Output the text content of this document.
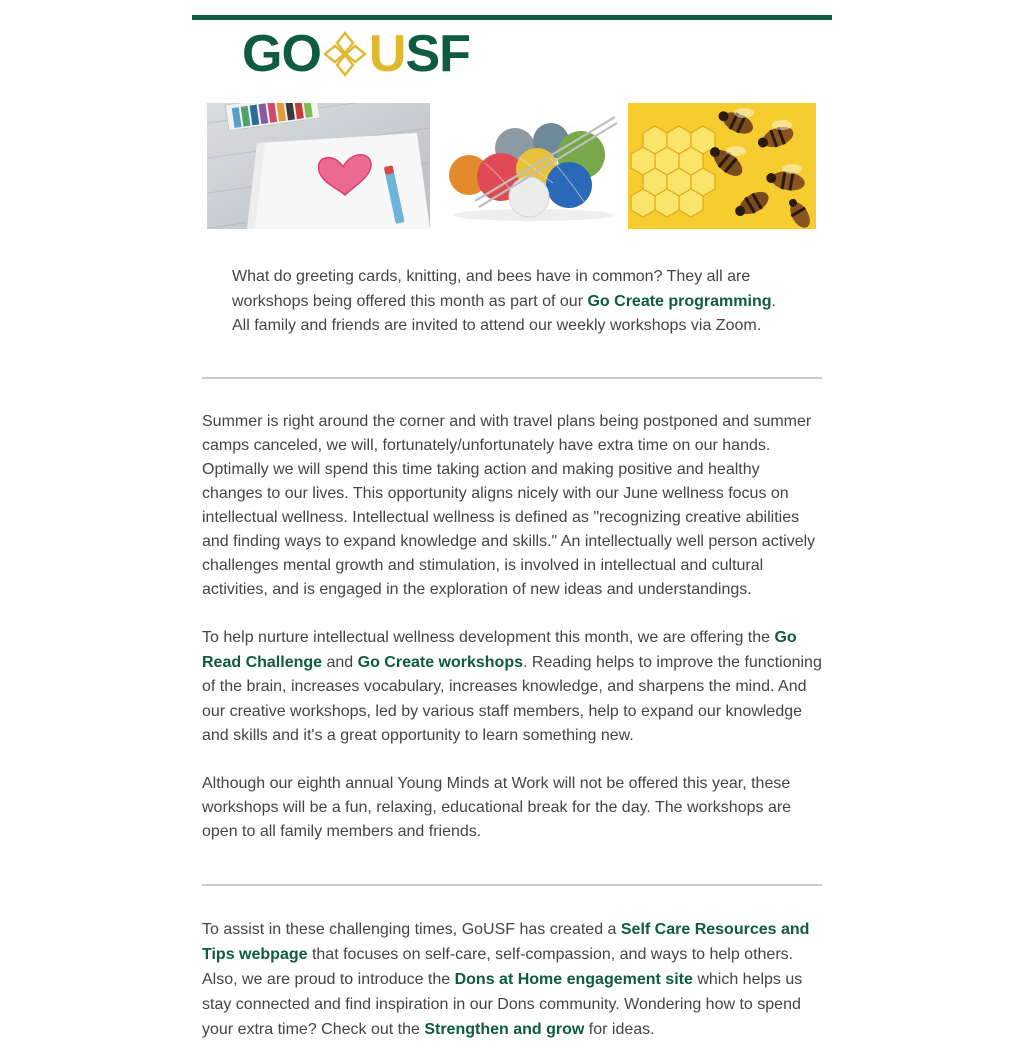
GO U SF
What do greeting cards, knitting, and bees have in common? They all are workshops being offered this month as part of our Go Create programming. All family and friends are invited to attend our weekly workshops via Zoom.
Summer is right around the corner and with travel plans being postponed and summer camps canceled, we will, fortunately/unfortunately have extra time on our hands. Optimally we will spend this time taking action and making positive and healthy changes to our lives. This opportunity aligns nicely with our June wellness focus on intellectual wellness. Intellectual wellness is defined as "recognizing creative abilities and finding ways to expand knowledge and skills." An intellectually well person actively challenges mental growth and stimulation, is involved in intellectual and cultural activities, and is engaged in the exploration of new ideas and understandings.
To help nurture intellectual wellness development this month, we are offering the Go Read Challenge and Go Create workshops. Reading helps to improve the functioning of the brain, increases vocabulary, increases knowledge, and sharpens the mind. And our creative workshops, led by various staff members, help to expand our knowledge and skills and it's a great opportunity to learn something new.
Although our eighth annual Young Minds at Work will not be offered this year, these workshops will be a fun, relaxing, educational break for the day. The workshops are open to all family members and friends.
To assist in these challenging times, GoUSF has created a Self Care Resources and Tips webpage that focuses on self-care, self-compassion, and ways to help others. Also, we are proud to introduce the Dons at Home engagement site which helps us stay connected and find inspiration in our Dons community. Wondering how to spend your extra time? Check out the Strengthen and grow for ideas.
